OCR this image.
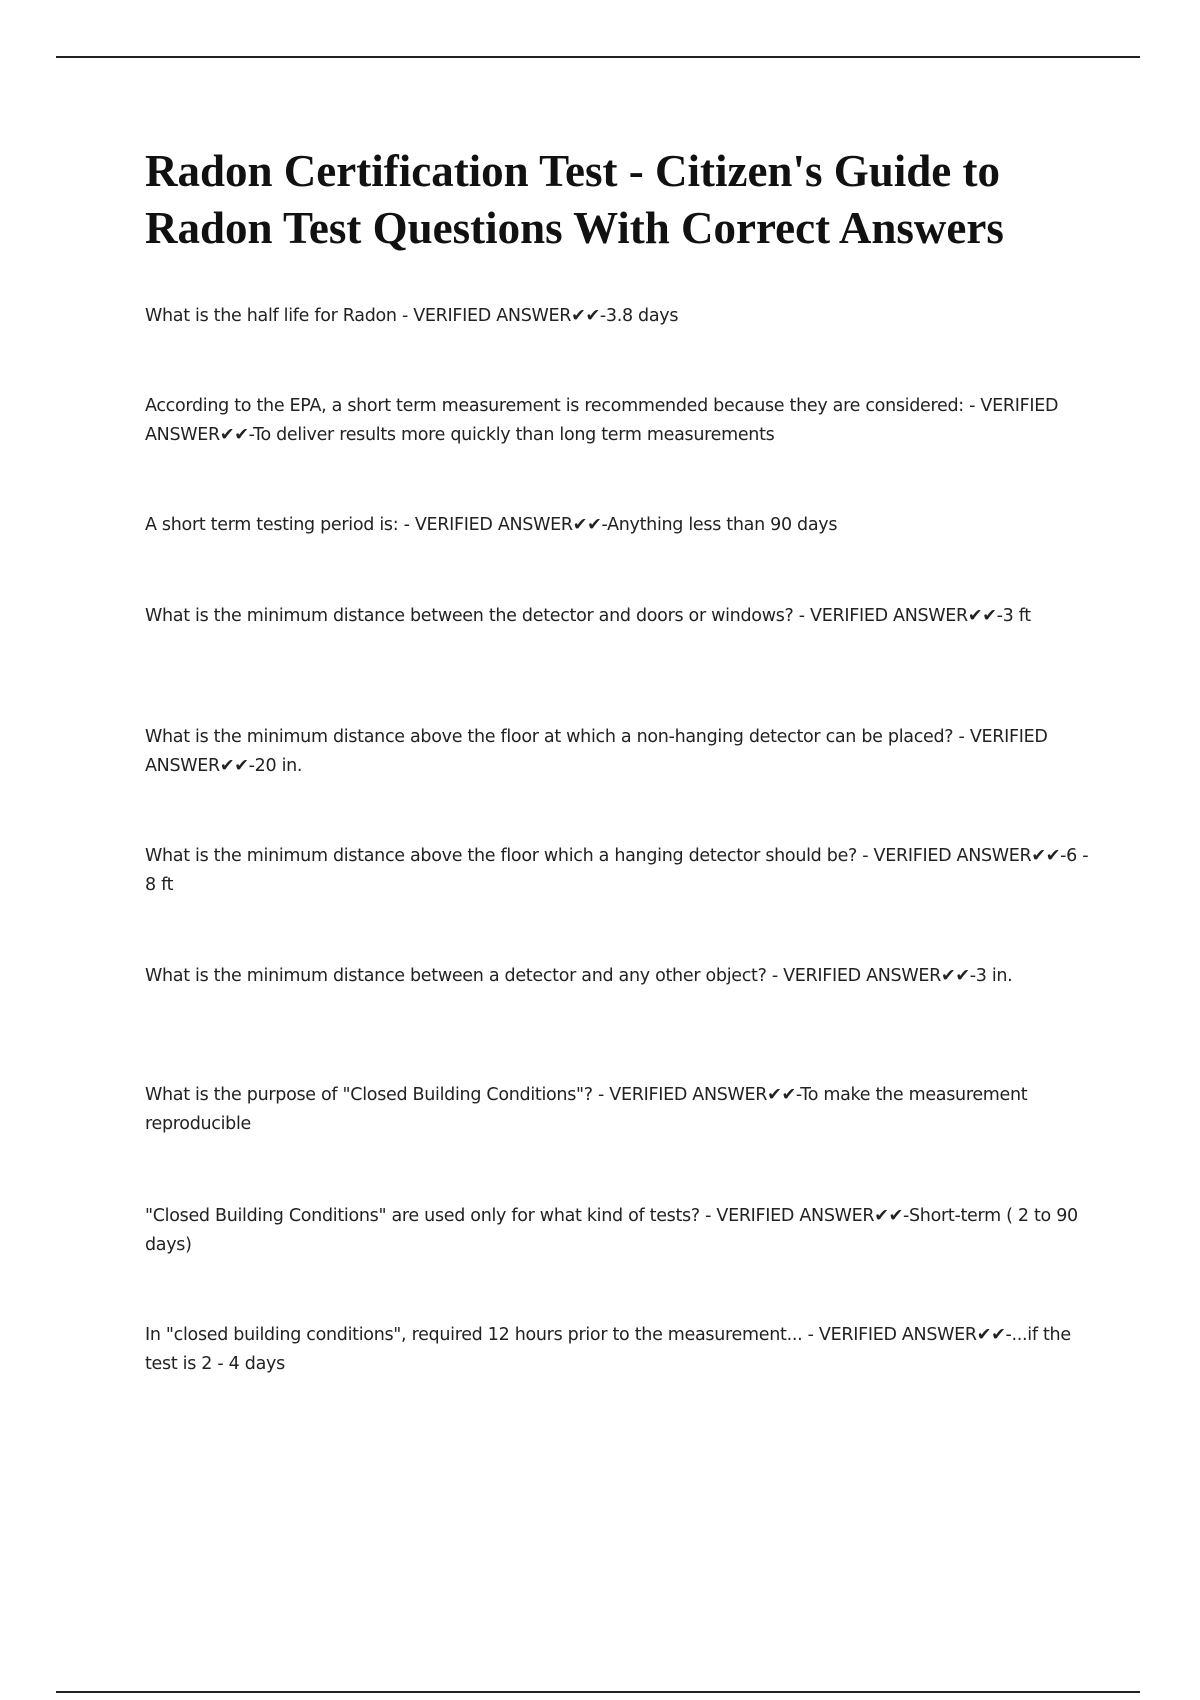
Radon Certification Test - Citizen's Guide to Radon Test Questions With Correct Answers

What is the half life for Radon - VERIFIED ANSWER✔✔-3.8 days

According to the EPA, a short term measurement is recommended because they are considered: - VERIFIED ANSWER✔✔-To deliver results more quickly than long term measurements

A short term testing period is: - VERIFIED ANSWER✔✔-Anything less than 90 days

What is the minimum distance between the detector and doors or windows? - VERIFIED ANSWER✔✔-3 ft

What is the minimum distance above the floor at which a non-hanging detector can be placed? - VERIFIED ANSWER✔✔-20 in.

What is the minimum distance above the floor which a hanging detector should be? - VERIFIED ANSWER✔✔-6 - 8 ft

What is the minimum distance between a detector and any other object? - VERIFIED ANSWER✔✔-3 in.

What is the purpose of "Closed Building Conditions"? - VERIFIED ANSWER✔✔-To make the measurement reproducible

"Closed Building Conditions" are used only for what kind of tests? - VERIFIED ANSWER✔✔-Short-term ( 2 to 90 days)

In "closed building conditions", required 12 hours prior to the measurement... - VERIFIED ANSWER✔✔-...if the test is 2 - 4 days
